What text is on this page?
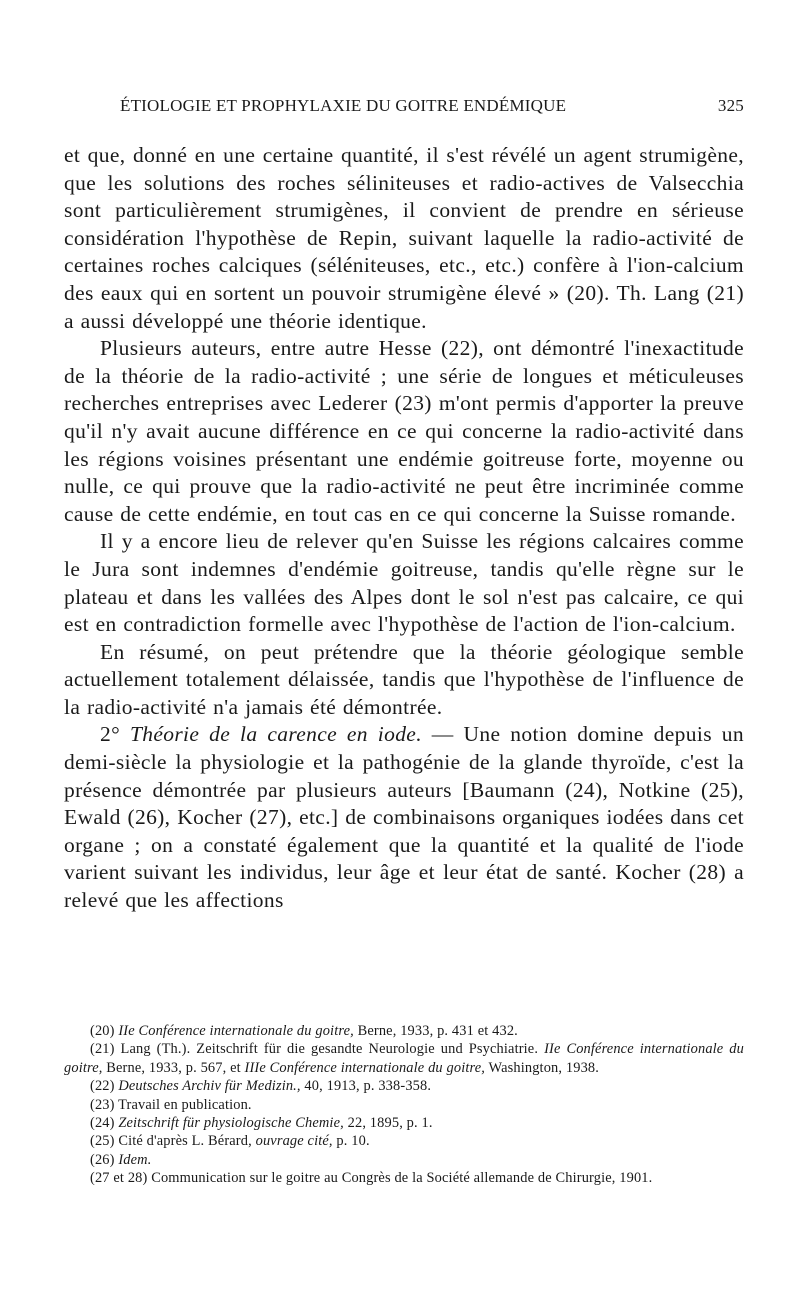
ÉTIOLOGIE ET PROPHYLAXIE DU GOITRE ENDÉMIQUE	325

et que, donné en une certaine quantité, il s'est révélé un agent strumigène, que les solutions des roches séliniteuses et radio-actives de Valsecchia sont particulièrement strumigènes, il convient de prendre en sérieuse considération l'hypothèse de Repin, suivant laquelle la radio-activité de certaines roches calciques (séléniteuses, etc., etc.) confère à l'ion-calcium des eaux qui en sortent un pouvoir strumigène élevé » (20). Th. Lang (21) a aussi développé une théorie identique.

Plusieurs auteurs, entre autre Hesse (22), ont démontré l'inexactitude de la théorie de la radio-activité ; une série de longues et méticuleuses recherches entreprises avec Lederer (23) m'ont permis d'apporter la preuve qu'il n'y avait aucune différence en ce qui concerne la radio-activité dans les régions voisines présentant une endémie goitreuse forte, moyenne ou nulle, ce qui prouve que la radio-activité ne peut être incriminée comme cause de cette endémie, en tout cas en ce qui concerne la Suisse romande.

Il y a encore lieu de relever qu'en Suisse les régions calcaires comme le Jura sont indemnes d'endémie goitreuse, tandis qu'elle règne sur le plateau et dans les vallées des Alpes dont le sol n'est pas calcaire, ce qui est en contradiction formelle avec l'hypothèse de l'action de l'ion-calcium.

En résumé, on peut prétendre que la théorie géologique semble actuellement totalement délaissée, tandis que l'hypothèse de l'influence de la radio-activité n'a jamais été démontrée.

2° Théorie de la carence en iode. — Une notion domine depuis un demi-siècle la physiologie et la pathogénie de la glande thyroïde, c'est la présence démontrée par plusieurs auteurs [Baumann (24), Notkine (25), Ewald (26), Kocher (27), etc.] de combinaisons organiques iodées dans cet organe ; on a constaté également que la quantité et la qualité de l'iode varient suivant les individus, leur âge et leur état de santé. Kocher (28) a relevé que les affections

(20) IIe Conférence internationale du goitre, Berne, 1933, p. 431 et 432.

(21) Lang (Th.). Zeitschrift für die gesandte Neurologie und Psychiatrie. IIe Conférence internationale du goitre, Berne, 1933, p. 567, et IIIe Conférence internationale du goitre, Washington, 1938.

(22) Deutsches Archiv für Medizin., 40, 1913, p. 338-358.

(23) Travail en publication.

(24) Zeitschrift für physiologische Chemie, 22, 1895, p. 1.

(25) Cité d'après L. Bérard, ouvrage cité, p. 10.

(26) Idem.

(27 et 28) Communication sur le goitre au Congrès de la Société allemande de Chirurgie, 1901.
